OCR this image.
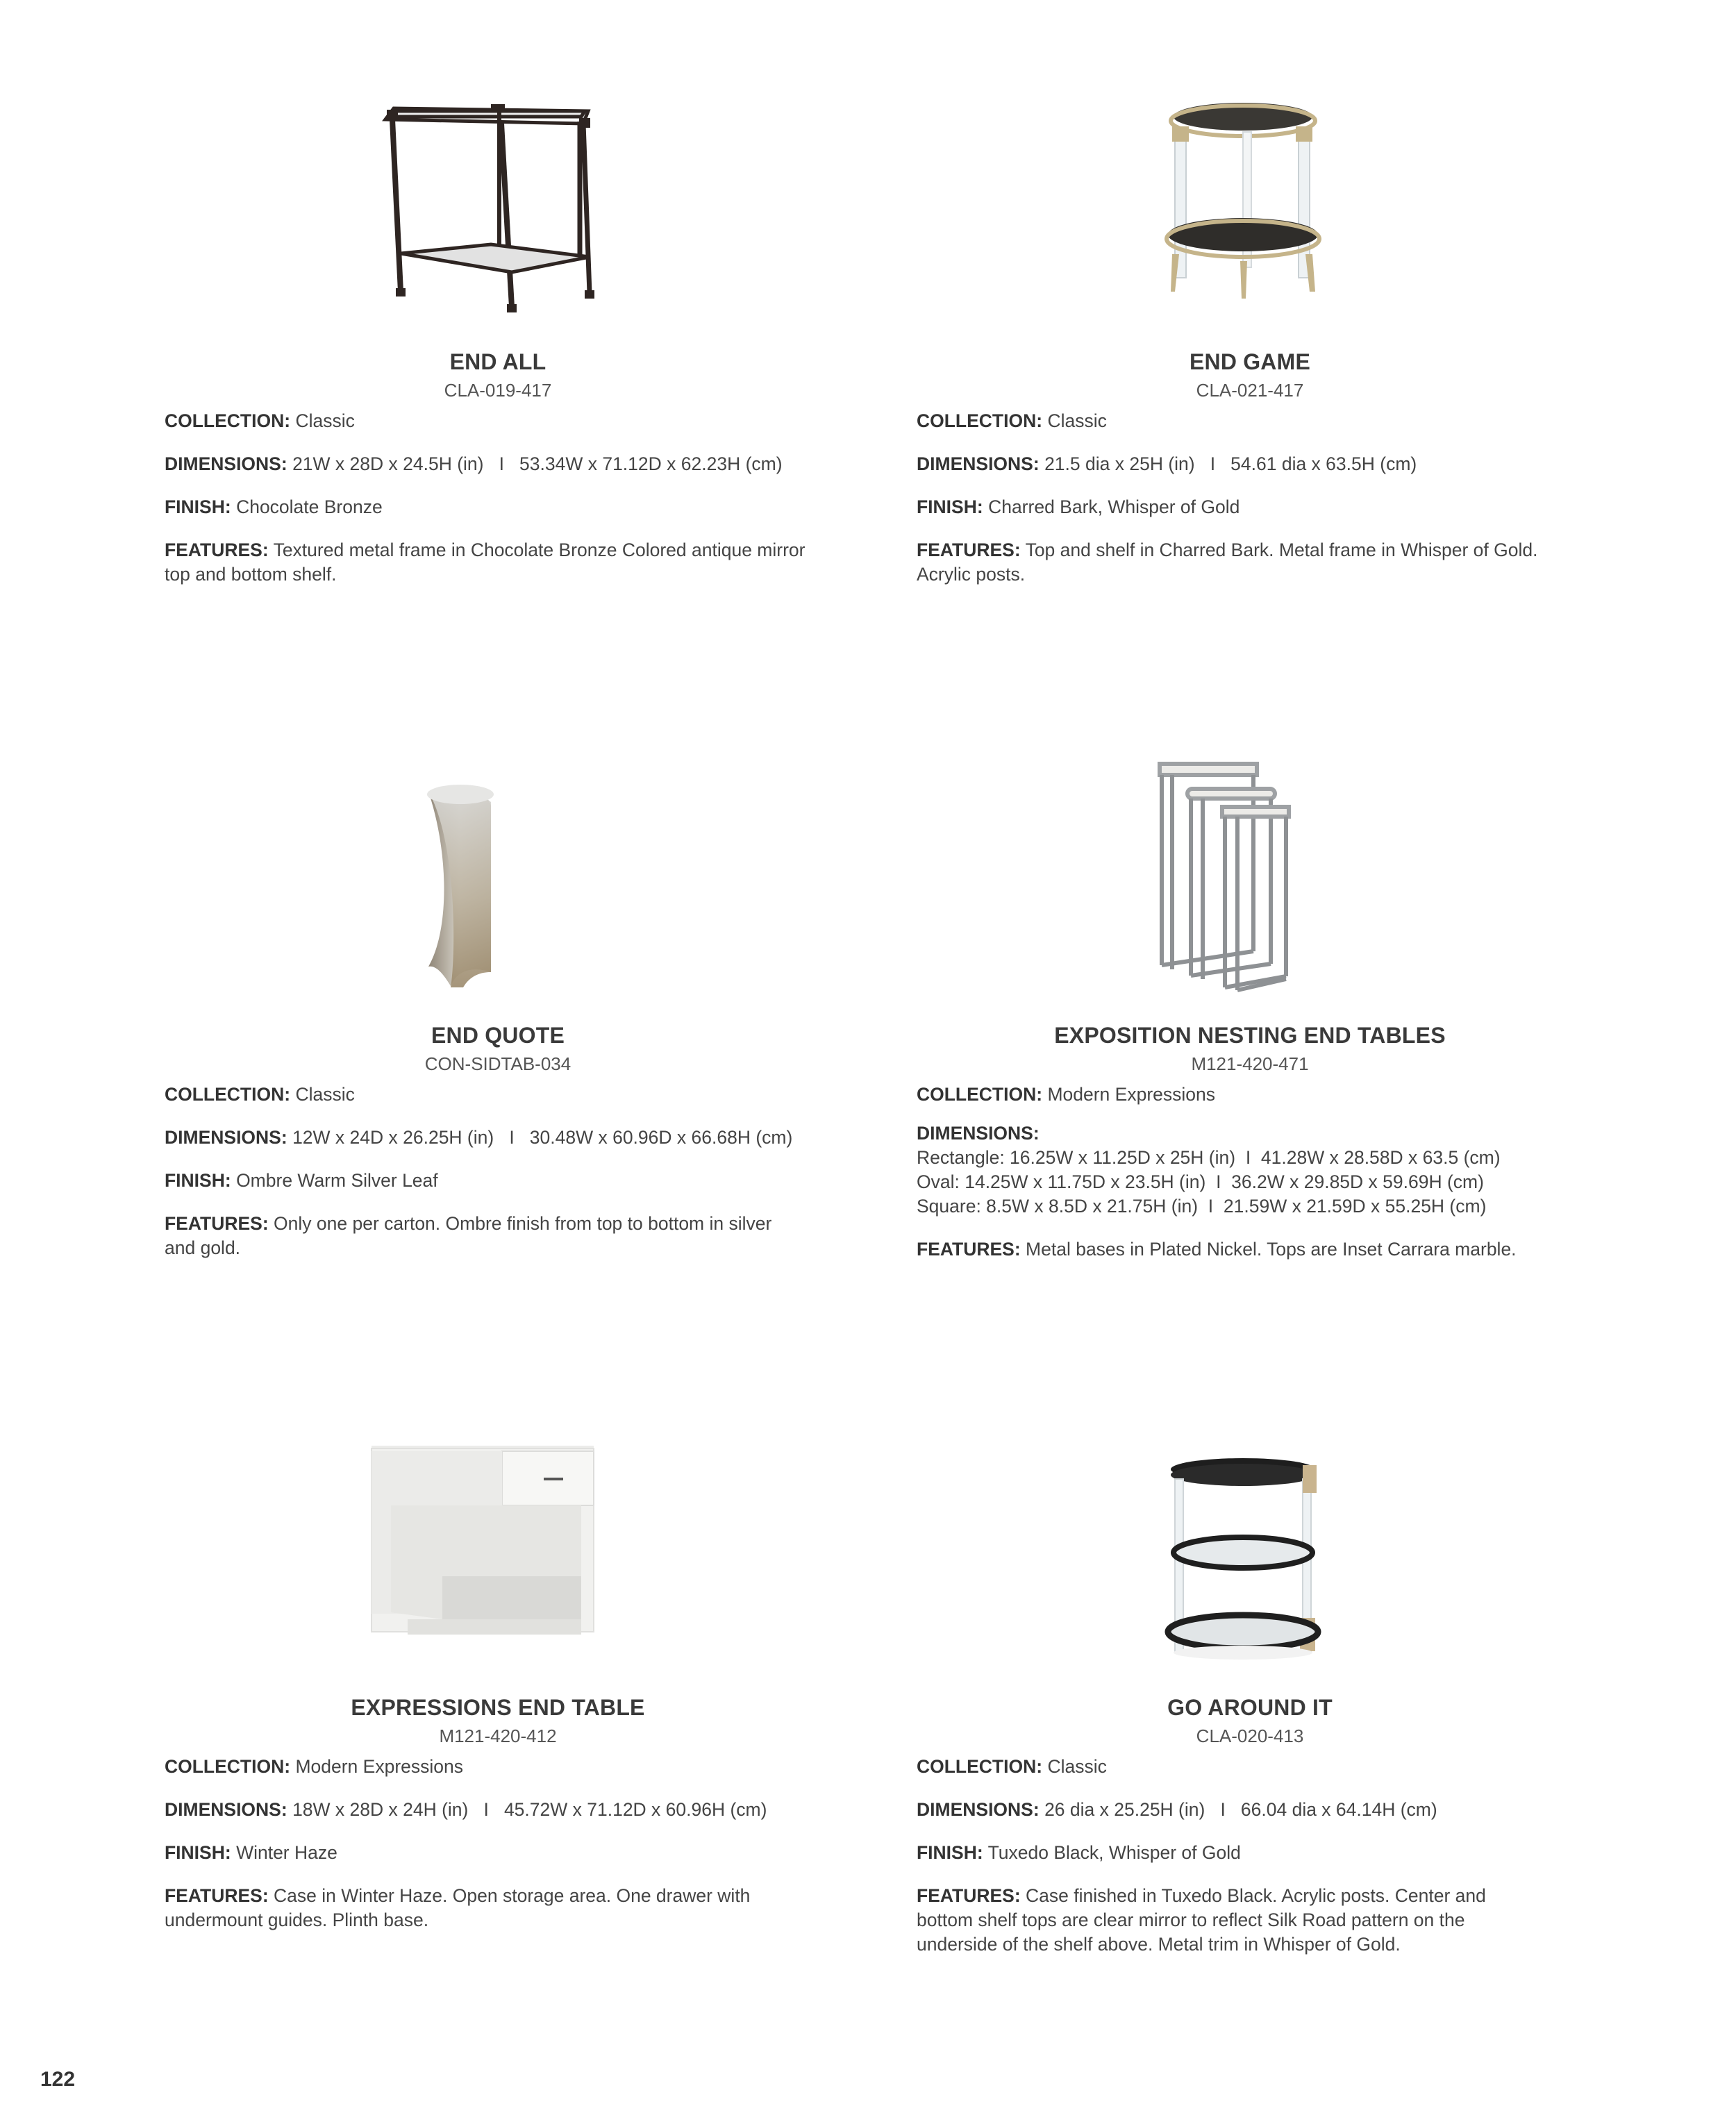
END ALL
CLA-019-417
COLLECTION: Classic
DIMENSIONS: 21W x 28D x 24.5H (in) I 53.34W x 71.12D x 62.23H (cm)
FINISH: Chocolate Bronze
FEATURES: Textured metal frame in Chocolate Bronze Colored antique mirror
top and bottom shelf.
END GAME
CLA-021-417
COLLECTION: Classic
DIMENSIONS: 21.5 dia x 25H (in) I 54.61 dia x 63.5H (cm)
FINISH: Charred Bark, Whisper of Gold
FEATURES: Top and shelf in Charred Bark. Metal frame in Whisper of Gold.
Acrylic posts.
END QUOTE
CON-SIDTAB-034
COLLECTION: Classic
DIMENSIONS: 12W x 24D x 26.25H (in) I 30.48W x 60.96D x 66.68H (cm)
FINISH: Ombre Warm Silver Leaf
FEATURES: Only one per carton. Ombre finish from top to bottom in silver
and gold.
EXPOSITION NESTING END TABLES
M121-420-471
COLLECTION: Modern Expressions
DIMENSIONS:
Rectangle: 16.25W x 11.25D x 25H (in) I 41.28W x 28.58D x 63.5 (cm)
Oval: 14.25W x 11.75D x 23.5H (in) I 36.2W x 29.85D x 59.69H (cm)
Square: 8.5W x 8.5D x 21.75H (in) I 21.59W x 21.59D x 55.25H (cm)
FEATURES: Metal bases in Plated Nickel. Tops are Inset Carrara marble.
EXPRESSIONS END TABLE
M121-420-412
COLLECTION: Modern Expressions
DIMENSIONS: 18W x 28D x 24H (in) I 45.72W x 71.12D x 60.96H (cm)
FINISH: Winter Haze
FEATURES: Case in Winter Haze. Open storage area. One drawer with
undermount guides. Plinth base.
GO AROUND IT
CLA-020-413
COLLECTION: Classic
DIMENSIONS: 26 dia x 25.25H (in) I 66.04 dia x 64.14H (cm)
FINISH: Tuxedo Black, Whisper of Gold
FEATURES: Case finished in Tuxedo Black. Acrylic posts. Center and
bottom shelf tops are clear mirror to reflect Silk Road pattern on the
underside of the shelf above. Metal trim in Whisper of Gold.
122
